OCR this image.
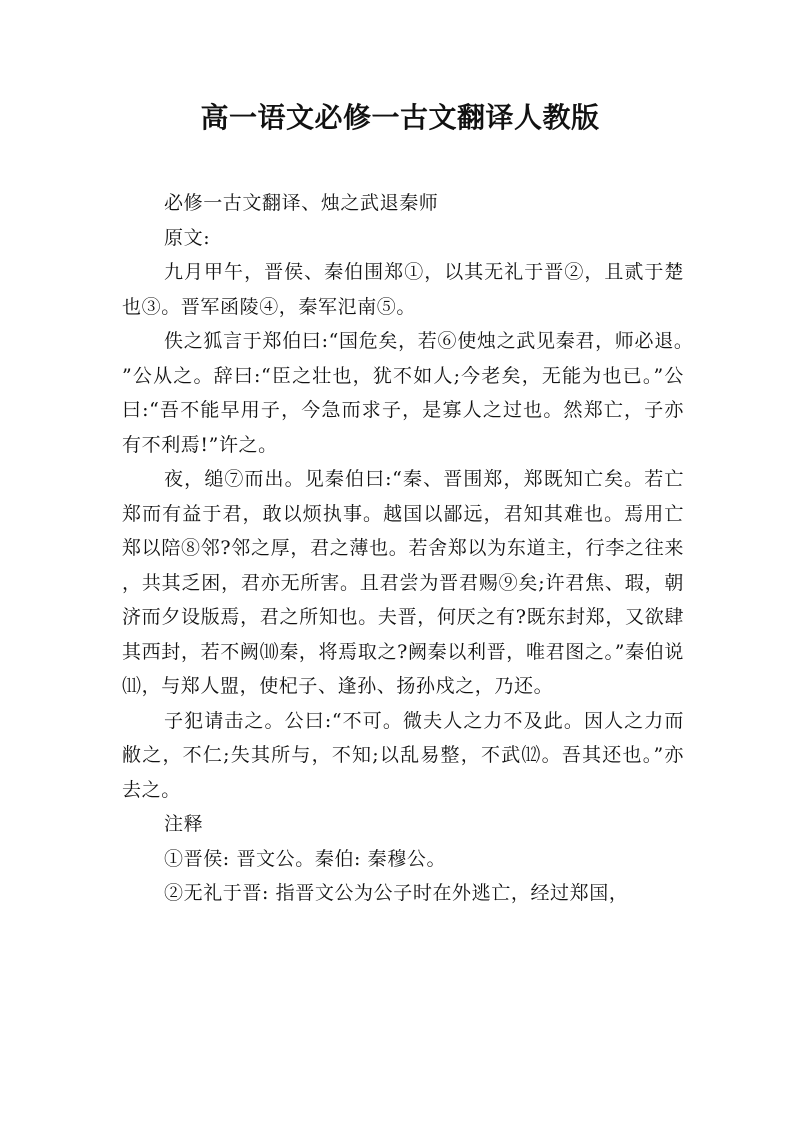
高一语文必修一古文翻译人教版

必修一古文翻译、烛之武退秦师

原文:

九月甲午，晋侯、秦伯围郑①，以其无礼于晋②，且贰于楚也③。晋军函陵④，秦军氾南⑤。

佚之狐言于郑伯曰:“国危矣，若⑥使烛之武见秦君，师必退。”公从之。辞曰:“臣之壮也，犹不如人;今老矣，无能为也已。”公曰:“吾不能早用子，今急而求子，是寡人之过也。然郑亡，子亦有不利焉!”许之。

夜，缒⑦而出。见秦伯曰:“秦、晋围郑，郑既知亡矣。若亡郑而有益于君，敢以烦执事。越国以鄙远，君知其难也。焉用亡郑以陪⑧邻?邻之厚，君之薄也。若舍郑以为东道主，行李之往来，共其乏困，君亦无所害。且君尝为晋君赐⑨矣;许君焦、瑕，朝济而夕设版焉，君之所知也。夫晋，何厌之有?既东封郑，又欲肆其西封，若不阙⑽秦，将焉取之?阙秦以利晋，唯君图之。”秦伯说⑾，与郑人盟，使杞子、逢孙、扬孙戍之，乃还。

子犯请击之。公曰:“不可。微夫人之力不及此。因人之力而敝之，不仁;失其所与，不知;以乱易整，不武⑿。吾其还也。”亦去之。

注释

①晋侯: 晋文公。秦伯: 秦穆公。

②无礼于晋: 指晋文公为公子时在外逃亡，经过郑国，
